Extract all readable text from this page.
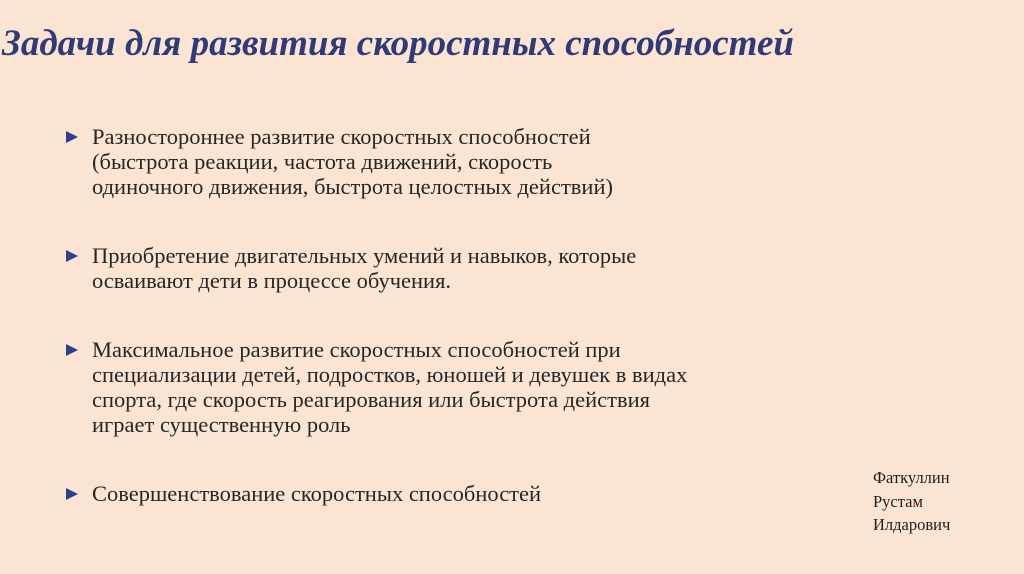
Задачи для развития скоростных способностей
Разностороннее развитие скоростных способностей
(быстрота реакции, частота движений, скорость
одиночного движения, быстрота целостных действий)
Приобретение двигательных умений и навыков, которые
осваивают дети в процессе обучения.
Максимальное развитие скоростных способностей при
специализации детей, подростков, юношей и девушек в видах
спорта, где скорость реагирования или быстрота действия
играет существенную роль
Совершенствование скоростных способностей
Фаткуллин
Рустам
Илдарович
